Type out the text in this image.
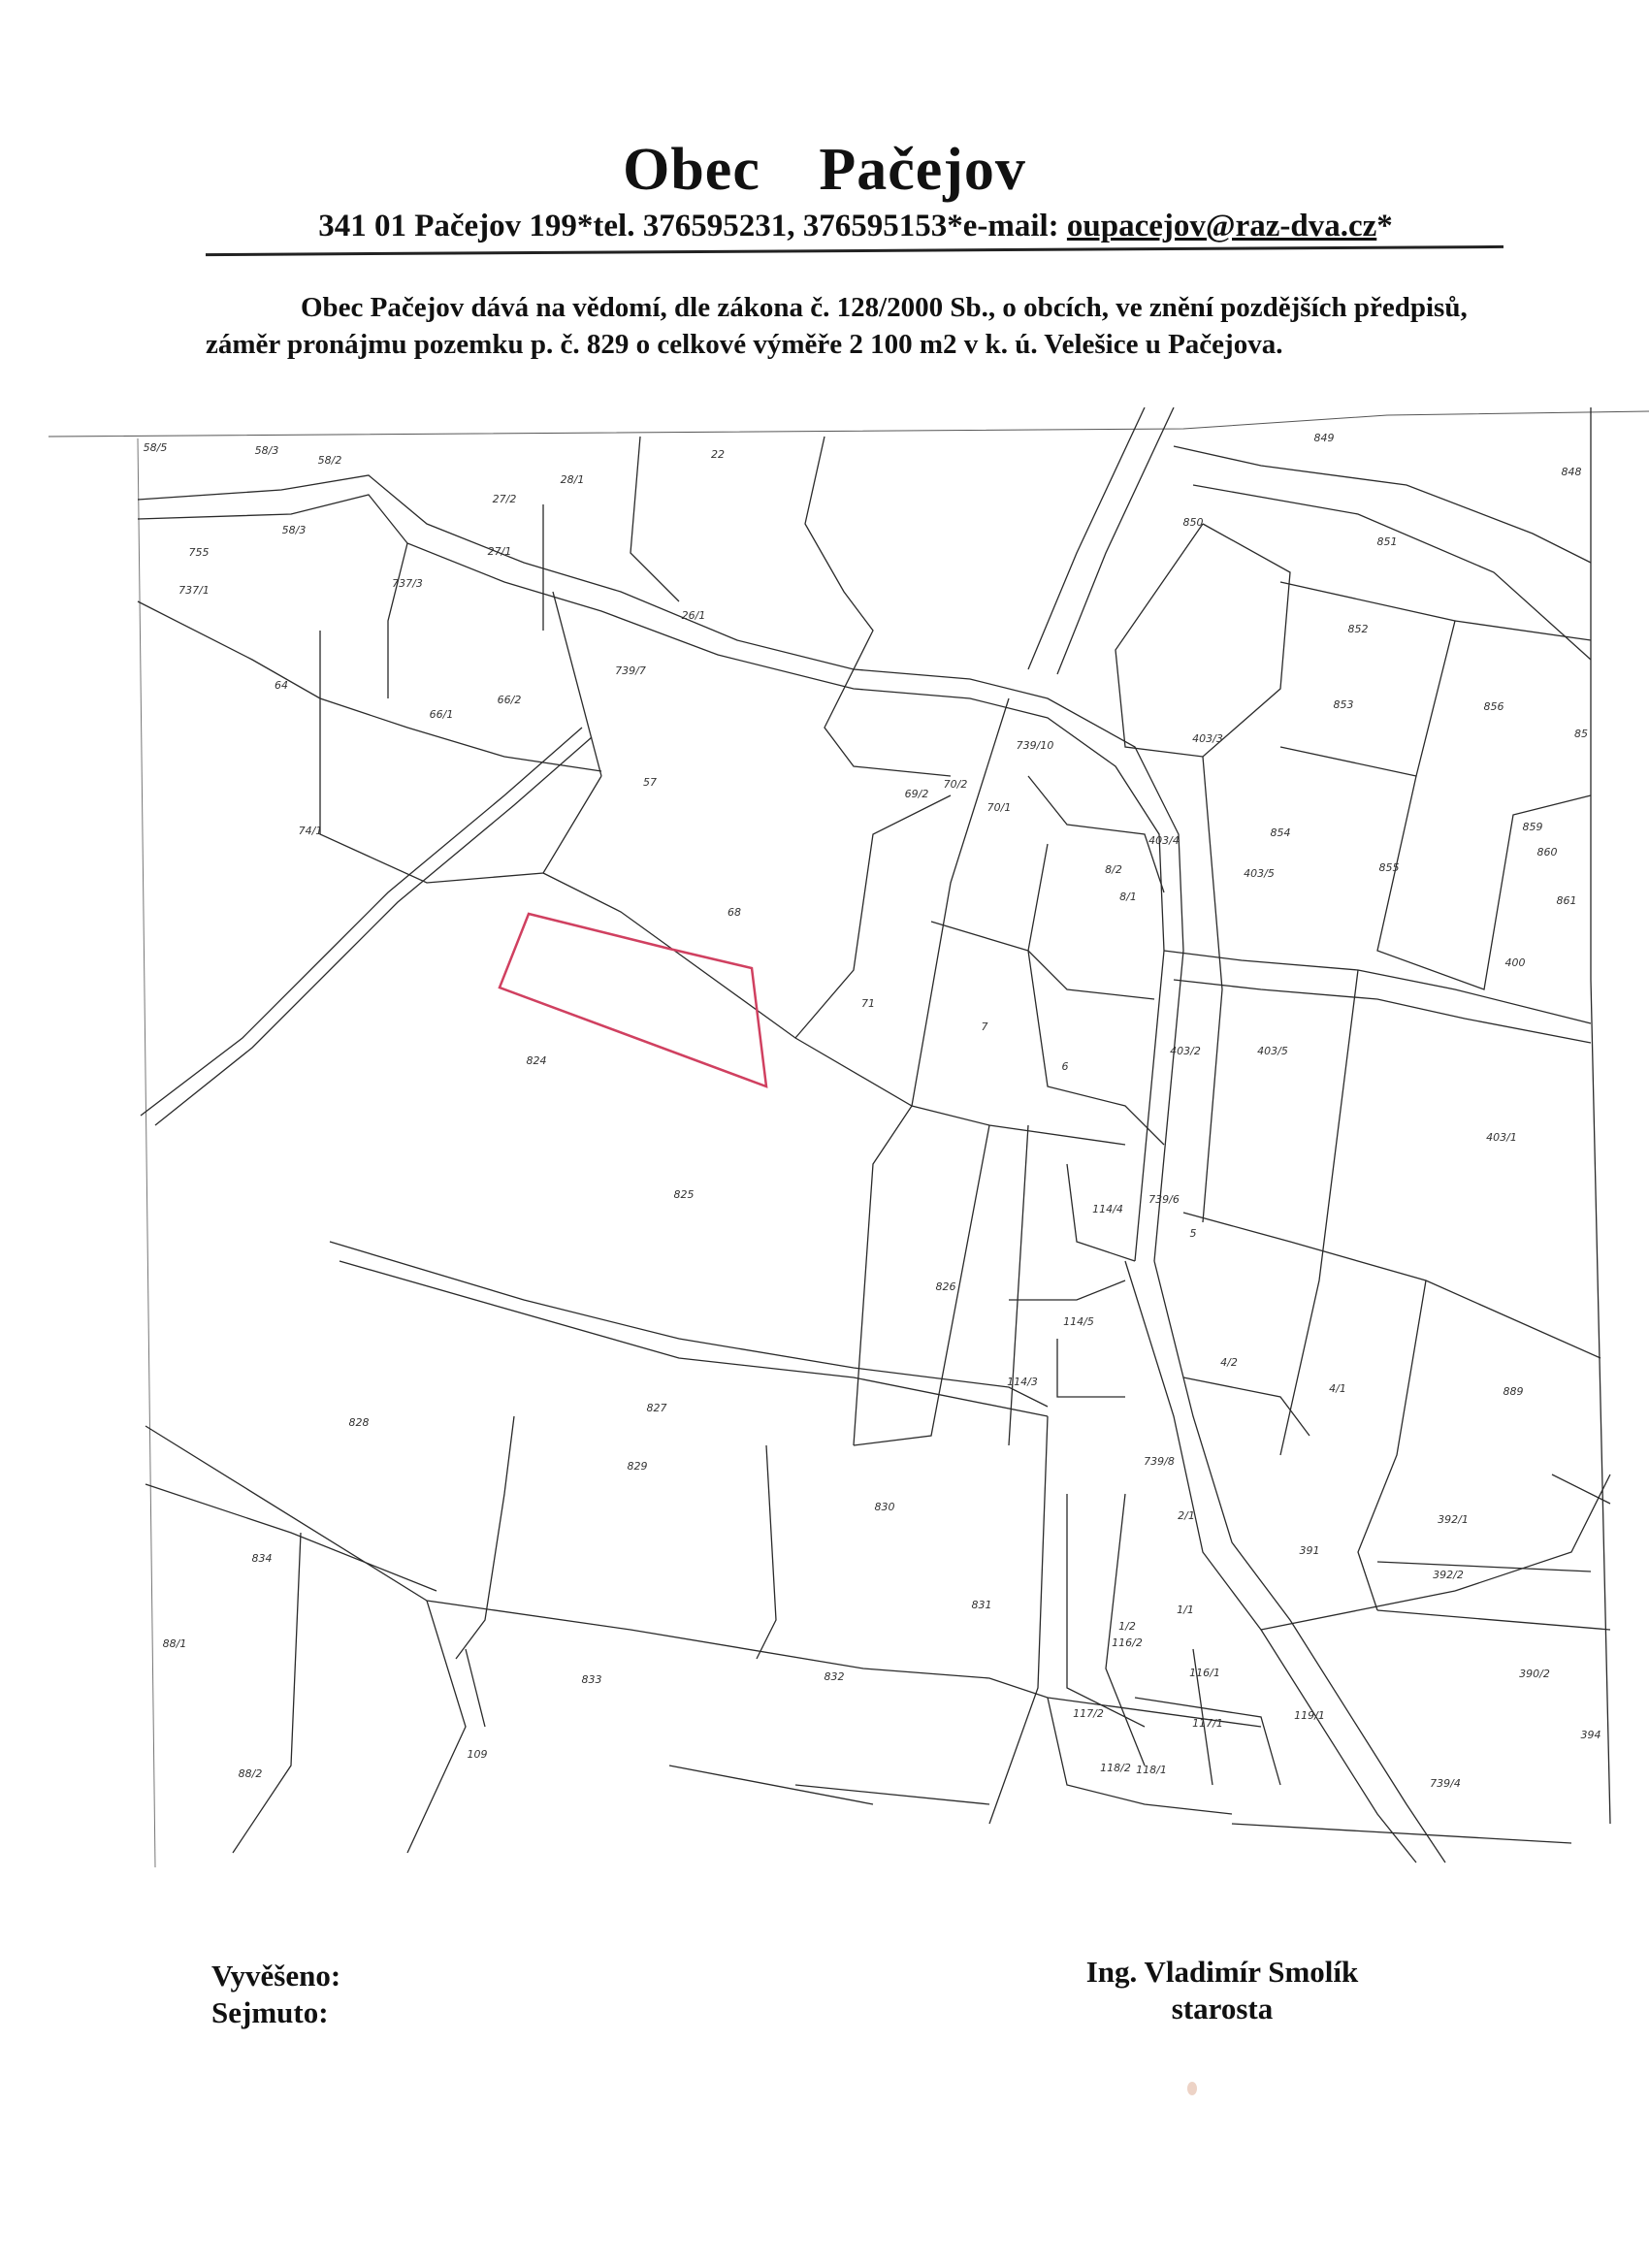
Obec Pačejov
341 01 Pačejov 199*tel. 376595231, 376595153*e-mail: oupacejov@raz-dva.cz*
Obec Pačejov dává na vědomí, dle zákona č. 128/2000 Sb., o obcích, ve znění pozdějších předpisů, záměr pronájmu pozemku p. č. 829 o celkové výměře 2 100 m2 v k. ú. Velešice u Pačejova.
58/5	58/3
58/2	22
849
848
27/2
28/1
850
755
58/3
27/1
851
737/1
737/3
26/1
852
64
66/2
739/7
853	856
85
66/1
57
403/3
74/1
69/2
70/2
70/1
403/4
859
860
403/5	855
861
68
8/2
8/1
854
400
71
7
403/2	403/5
824	6
403/1
825
114/4
5
826
114/5
4/2
4/1	889
114/3
827
828
739/8
829
830
2/1	392/1
834
391
392/2
88/1
831	1/1
1/2
833	832
116/2
116/1	390/2
117/2
117/1
119/1
394
88/2
109
118/2 118/1
739/4
739/10
739/6
Vyvěšeno:
Sejmuto:
Ing. Vladimír Smolík
starosta
